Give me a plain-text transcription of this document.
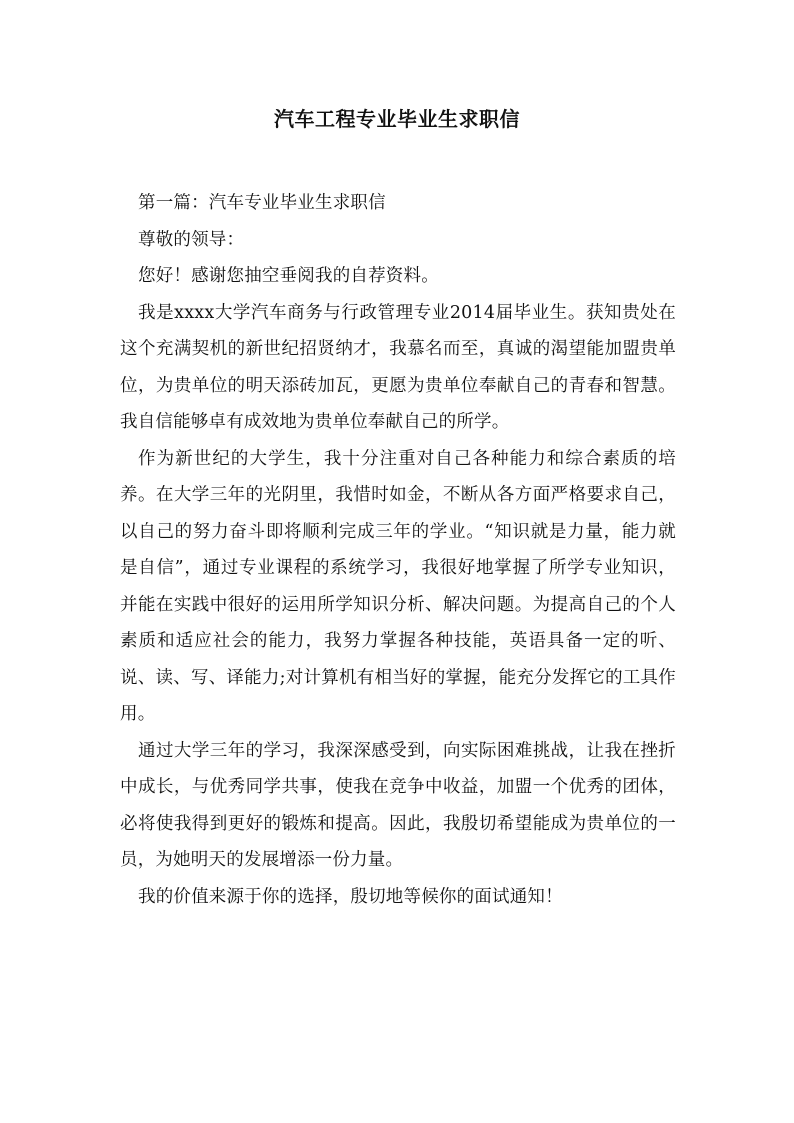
汽车工程专业毕业生求职信

第一篇：汽车专业毕业生求职信

尊敬的领导：

您好！感谢您抽空垂阅我的自荐资料。

我是xxxx大学汽车商务与行政管理专业2014届毕业生。获知贵处在这个充满契机的新世纪招贤纳才，我慕名而至，真诚的渴望能加盟贵单位，为贵单位的明天添砖加瓦，更愿为贵单位奉献自己的青春和智慧。我自信能够卓有成效地为贵单位奉献自己的所学。

作为新世纪的大学生，我十分注重对自己各种能力和综合素质的培养。在大学三年的光阴里，我惜时如金，不断从各方面严格要求自己，以自己的努力奋斗即将顺利完成三年的学业。“知识就是力量，能力就是自信”，通过专业课程的系统学习，我很好地掌握了所学专业知识，并能在实践中很好的运用所学知识分析、解决问题。为提高自己的个人素质和适应社会的能力，我努力掌握各种技能，英语具备一定的听、说、读、写、译能力;对计算机有相当好的掌握，能充分发挥它的工具作用。

通过大学三年的学习，我深深感受到，向实际困难挑战，让我在挫折中成长，与优秀同学共事，使我在竞争中收益，加盟一个优秀的团体，必将使我得到更好的锻炼和提高。因此，我殷切希望能成为贵单位的一员，为她明天的发展增添一份力量。

我的价值来源于你的选择，殷切地等候你的面试通知！
